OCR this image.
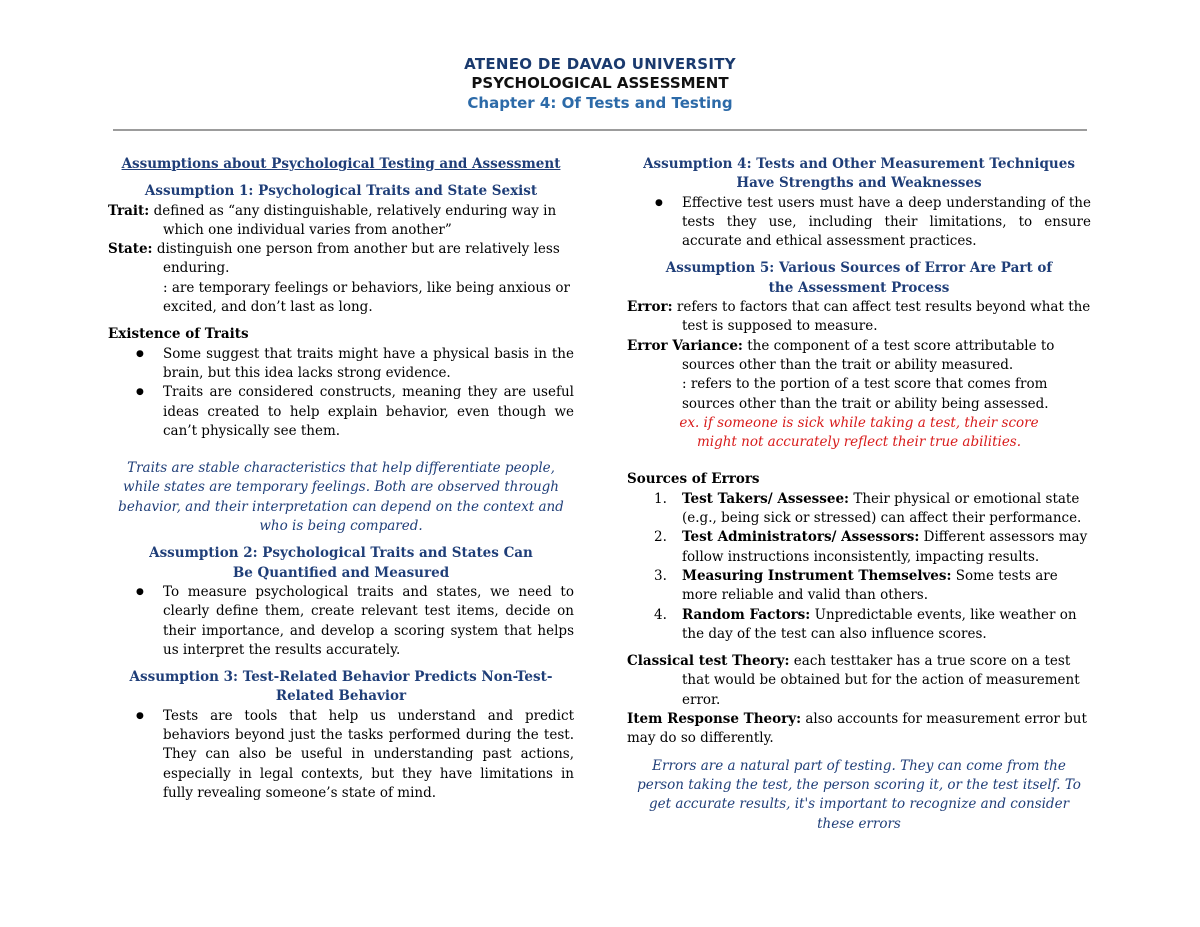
ATENEO DE DAVAO UNIVERSITY
PSYCHOLOGICAL ASSESSMENT
Chapter 4: Of Tests and Testing
Assumptions about Psychological Testing and Assessment
Assumption 1: Psychological Traits and State Sexist

Trait: defined as “any distinguishable, relatively enduring way in which one individual varies from another”

State: distinguish one person from another but are relatively less enduring.

: are temporary feelings or behaviors, like being anxious or excited, and don’t last as long.

Existence of Traits

● Some suggest that traits might have a physical basis in the brain, but this idea lacks strong evidence.
● Traits are considered constructs, meaning they are useful ideas created to help explain behavior, even though we can’t physically see them.

Traits are stable characteristics that help differentiate people, while states are temporary feelings. Both are observed through behavior, and their interpretation can depend on the context and who is being compared.

Assumption 2: Psychological Traits and States Can Be Quantified and Measured
● To measure psychological traits and states, we need to clearly define them, create relevant test items, decide on their importance, and develop a scoring system that helps us interpret the results accurately.
Assumption 3: Test-Related Behavior Predicts Non-Test-Related Behavior
● Tests are tools that help us understand and predict behaviors beyond just the tasks performed during the test. They can also be useful in understanding past actions, especially in legal contexts, but they have limitations in fully revealing someone’s state of mind.
Assumption 4: Tests and Other Measurement Techniques Have Strengths and Weaknesses
● Effective test users must have a deep understanding of the tests they use, including their limitations, to ensure accurate and ethical assessment practices.
Assumption 5: Various Sources of Error Are Part of the Assessment Process

Error: refers to factors that can affect test results beyond what the test is supposed to measure.

Error Variance: the component of a test score attributable to sources other than the trait or ability measured.

: refers to the portion of a test score that comes from sources other than the trait or ability being assessed.

ex. if someone is sick while taking a test, their score might not accurately reflect their true abilities.

Sources of Errors

1. Test Takers/ Assessee: Their physical or emotional state (e.g., being sick or stressed) can affect their performance.
2. Test Administrators/ Assessors: Different assessors may follow instructions inconsistently, impacting results.
3. Measuring Instrument Themselves: Some tests are more reliable and valid than others.
4. Random Factors: Unpredictable events, like weather on the day of the test can also influence scores.

Classical test Theory: each testtaker has a true score on a test that would be obtained but for the action of measurement error.

Item Response Theory: also accounts for measurement error but may do so differently.

Errors are a natural part of testing. They can come from the person taking the test, the person scoring it, or the test itself. To get accurate results, it's important to recognize and consider these errors
